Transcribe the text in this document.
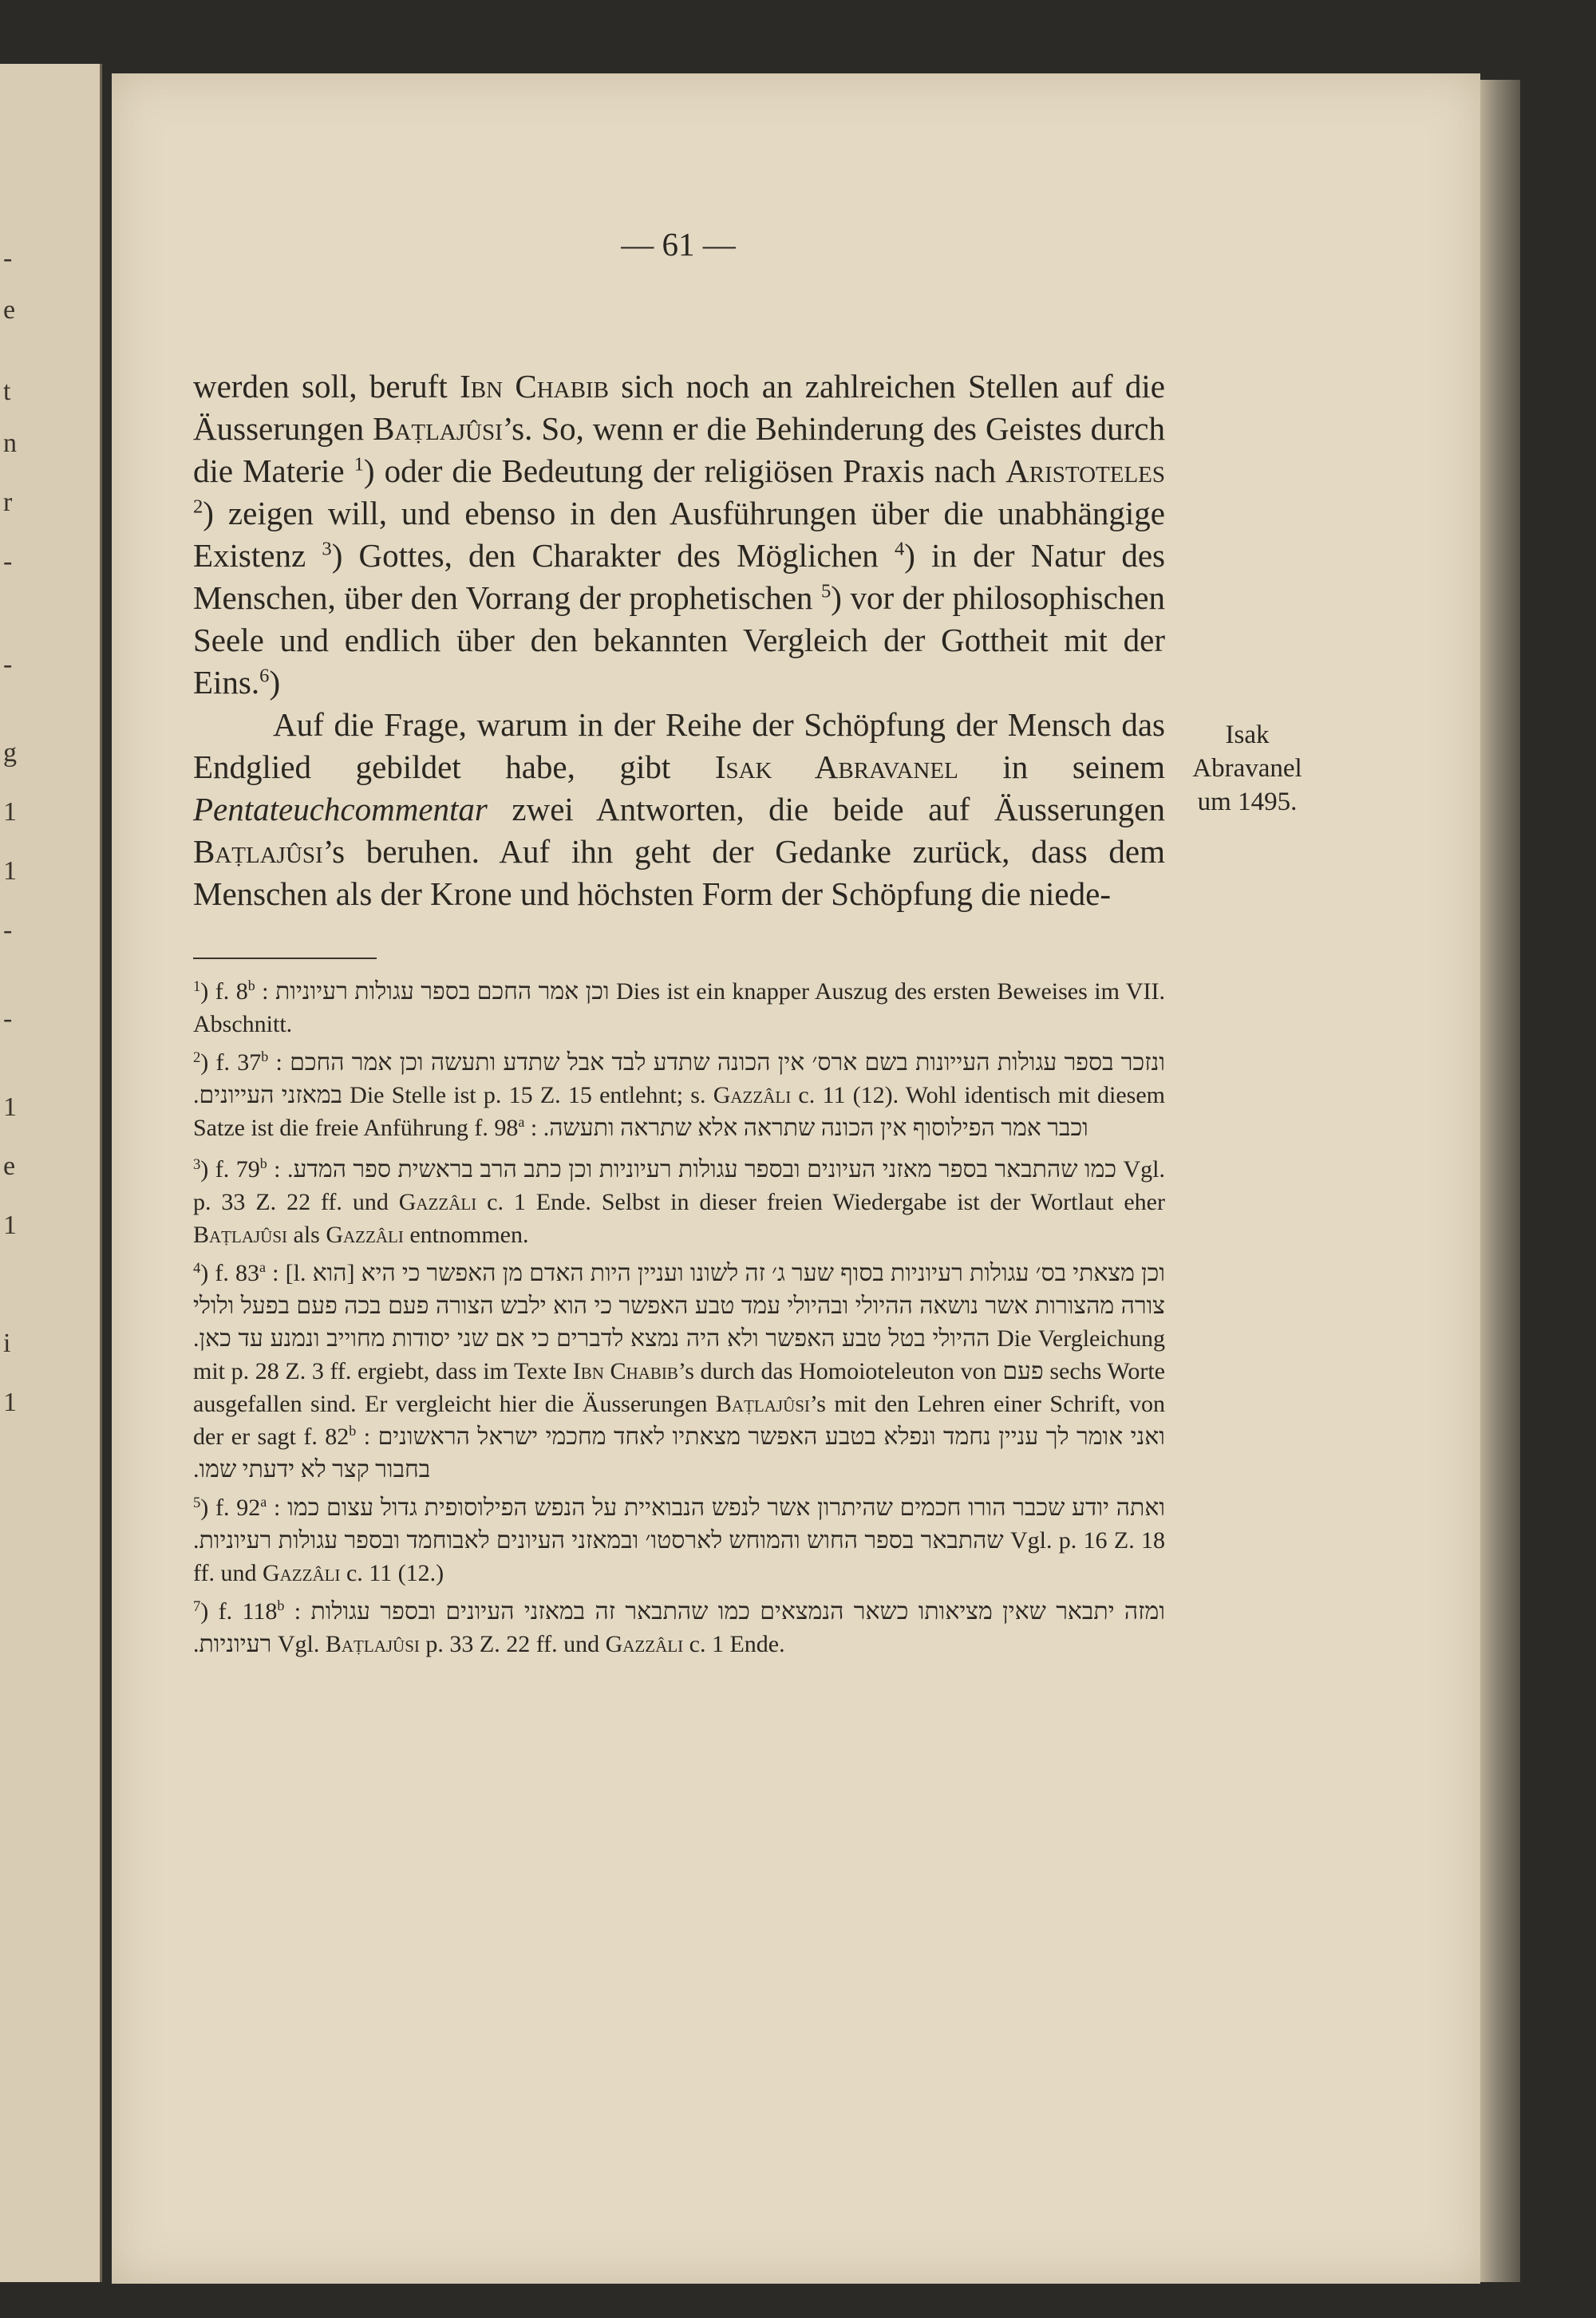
-
e
t
n
r
-
-
g
1
1
-
-
1
e
1
i
1
— 61 —

werden soll, beruft Ibn Chabib sich noch an zahlreichen Stellen auf die Äusserungen Baṭlajûsi’s. So, wenn er die Behinderung des Geistes durch die Materie $^1$) oder die Bedeutung der religiösen Praxis nach Aristoteles $^2$) zeigen will, und ebenso in den Ausführungen über die unabhängige Existenz $^3$) Gottes, den Charakter des Möglichen $^4$) in der Natur des Menschen, über den Vorrang der prophetischen $^5$) vor der philosophischen Seele und endlich über den bekannten Vergleich der Gottheit mit der Eins.$^6$)

Auf die Frage, warum in der Reihe der Schöpfung der Mensch das Endglied gebildet habe, gibt Isak Abravanel in seinem Pentateuchcommentar zwei Antworten, die beide auf Äusserungen Baṭlajûsi’s beruhen. Auf ihn geht der Gedanke zurück, dass dem Menschen als der Krone und höchsten Form der Schöpfung die niede-

Isak
Abravanel
um 1495.

$^1$) f. 8$^b$ : וכן אמר החכם בספר עגולות רעיוניות Dies ist ein knapper Auszug des ersten Beweises im VII. Abschnitt.

$^2$) f. 37$^b$ : ונזכר בספר עגולות העייונות בשם ארס׳ אין הכונה שתדע לבד אבל שתדע ותעשה וכן אמר החכם במאזני העייונים. Die Stelle ist p. 15 Z. 15 entlehnt; s. Gazzâli c. 11 (12). Wohl identisch mit diesem Satze ist die freie Anführung f. 98$^a$ : וכבר אמר הפילוסוף אין הכונה שתראה אלא שתראה ותעשה.

$^3$) f. 79$^b$ : כמו שהתבאר בספר מאזני העיונים ובספר עגולות רעיוניות וכן כתב הרב בראשית ספר המדע. Vgl. p. 33 Z. 22 ff. und Gazzâli c. 1 Ende. Selbst in dieser freien Wiedergabe ist der Wortlaut eher Baṭlajûsi als Gazzâli entnommen.

$^4$) f. 83$^a$ : וכן מצאתי בס׳ עגולות רעיוניות בסוף שער ג׳ זה לשונו ועניין היות האדם מן האפשר כי היא [הוא .l] צורה מהצורות אשר נושאה ההיולי ובהיולי עמד טבע האפשר כי הוא ילבש הצורה פעם בכה פעם בפעל ולולי ההיולי בטל טבע האפשר ולא היה נמצא לדברים כי אם שני יסודות מחוייב ונמנע עד כאן. Die Vergleichung mit p. 28 Z. 3 ff. ergiebt, dass im Texte Ibn Chabib’s durch das Homoioteleuton von פעם sechs Worte ausgefallen sind. Er vergleicht hier die Äusserungen Baṭlajûsi’s mit den Lehren einer Schrift, von der er sagt f. 82$^b$ : ואני אומר לך עניין נחמד ונפלא בטבע האפשר מצאתיו לאחד מחכמי ישראל הראשונים בחבור קצר לא ידעתי שמו.

$^5$) f. 92$^a$ : ואתה יודע שכבר הורו חכמים שהיתרון אשר לנפש הנבואיית על הנפש הפילוסופית גדול עצום כמו שהתבאר בספר החוש והמוחש לארסטו׳ ובמאזני העיונים לאבוחמד ובספר עגולות רעיוניות. Vgl. p. 16 Z. 18 ff. und Gazzâli c. 11 (12.)

$^7$) f. 118$^b$ : ומזה יתבאר שאין מציאותו כשאר הנמצאים כמו שהתבאר זה במאזני העיונים ובספר עגולות רעיוניות. Vgl. Baṭlajûsi p. 33 Z. 22 ff. und Gazzâli c. 1 Ende.
